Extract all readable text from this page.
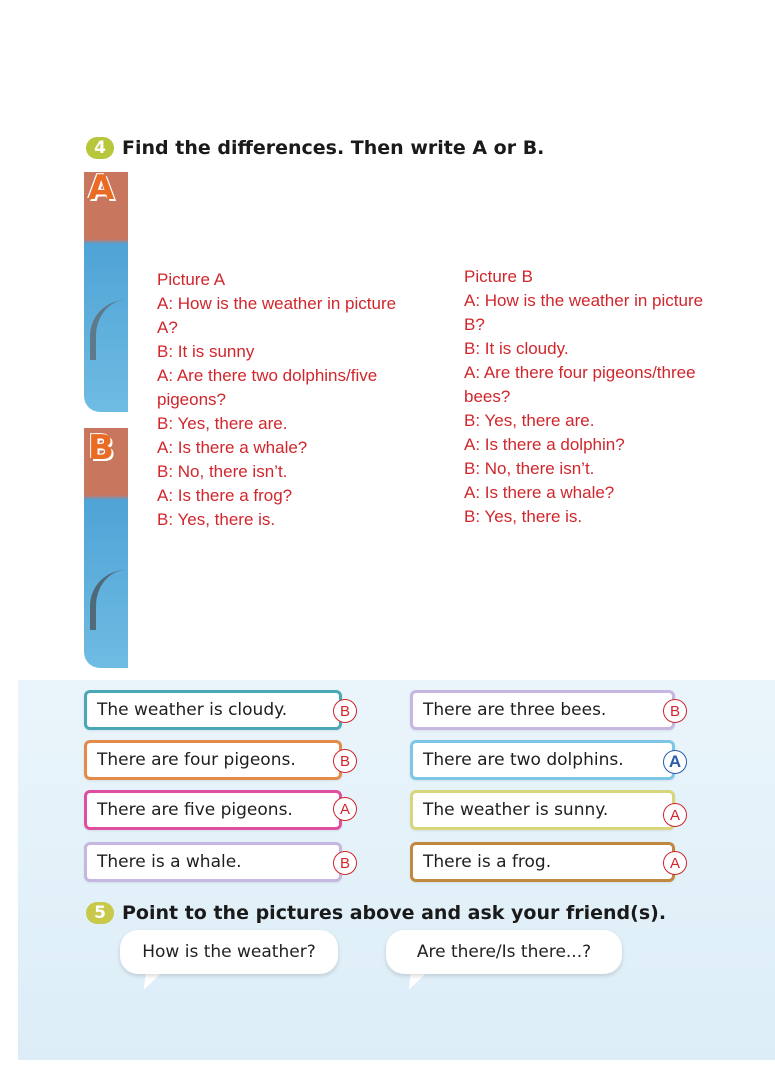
4 Find the differences. Then write A or B.
A
B
Picture A
A: How is the weather in picture
A?
B: It is sunny
A: Are there two dolphins/five
pigeons?
B: Yes, there are.
A: Is there a whale?
B: No, there isn’t.
A: Is there a frog?
B: Yes, there is.
Picture B
A: How is the weather in picture
B?
B: It is cloudy.
A: Are there four pigeons/three
bees?
B: Yes, there are.
A: Is there a dolphin?
B: No, there isn’t.
A: Is there a whale?
B: Yes, there is.
The weather is cloudy.	B
There are four pigeons.	B
There are five pigeons.	A
There is a whale.	B
There are three bees.	B
There are two dolphins.	A
The weather is sunny.	A
There is a frog.	A
5 Point to the pictures above and ask your friend(s).
How is the weather?	Are there/Is there...?
